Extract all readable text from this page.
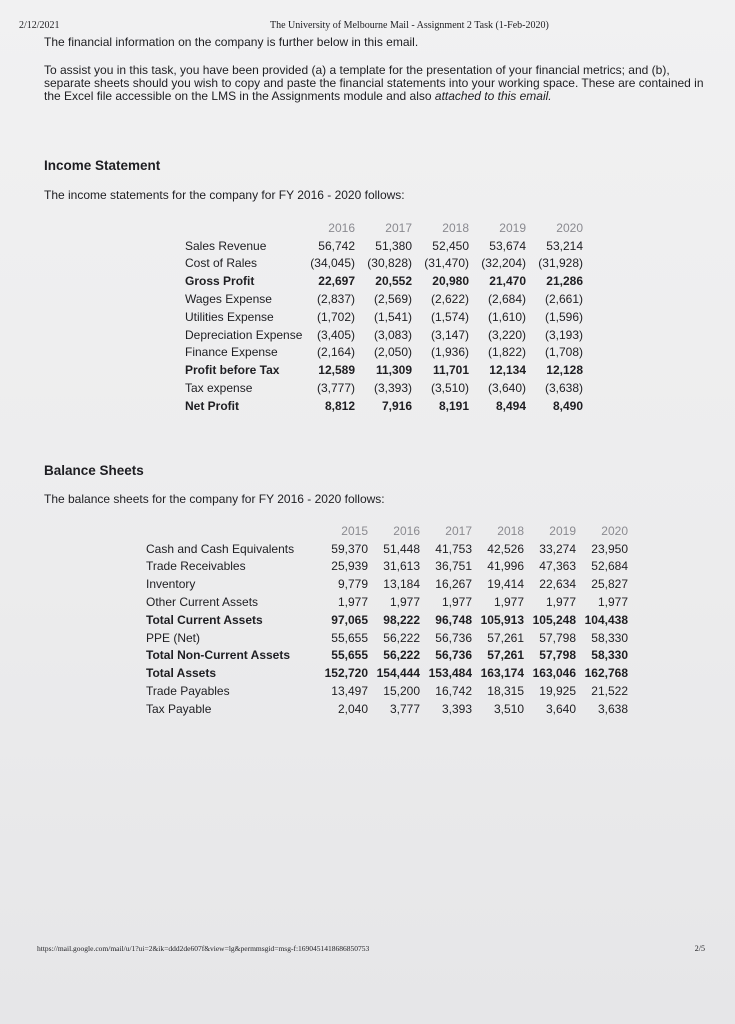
2/12/2021	The University of Melbourne Mail - Assignment 2 Task (1-Feb-2020)
The financial information on the company is further below in this email.
To assist you in this task, you have been provided (a) a template for the presentation of your financial metrics; and (b), separate sheets should you wish to copy and paste the financial statements into your working space. These are contained in the Excel file accessible on the LMS in the Assignments module and also attached to this email.
Income Statement
The income statements for the company for FY 2016 - 2020 follows:
	2016	2017	2018	2019	2020
Sales Revenue	56,742	51,380	52,450	53,674	53,214
Cost of Rales	(34,045)	(30,828)	(31,470)	(32,204)	(31,928)
Gross Profit	22,697	20,552	20,980	21,470	21,286
Wages Expense	(2,837)	(2,569)	(2,622)	(2,684)	(2,661)
Utilities Expense	(1,702)	(1,541)	(1,574)	(1,610)	(1,596)
Depreciation Expense	(3,405)	(3,083)	(3,147)	(3,220)	(3,193)
Finance Expense	(2,164)	(2,050)	(1,936)	(1,822)	(1,708)
Profit before Tax	12,589	11,309	11,701	12,134	12,128
Tax expense	(3,777)	(3,393)	(3,510)	(3,640)	(3,638)
Net Profit	8,812	7,916	8,191	8,494	8,490
Balance Sheets
The balance sheets for the company for FY 2016 - 2020 follows:
	2015	2016	2017	2018	2019	2020
Cash and Cash Equivalents	59,370	51,448	41,753	42,526	33,274	23,950
Trade Receivables	25,939	31,613	36,751	41,996	47,363	52,684
Inventory	9,779	13,184	16,267	19,414	22,634	25,827
Other Current Assets	1,977	1,977	1,977	1,977	1,977	1,977
Total Current Assets	97,065	98,222	96,748	105,913	105,248	104,438
PPE (Net)	55,655	56,222	56,736	57,261	57,798	58,330
Total Non-Current Assets	55,655	56,222	56,736	57,261	57,798	58,330
Total Assets	152,720	154,444	153,484	163,174	163,046	162,768
Trade Payables	13,497	15,200	16,742	18,315	19,925	21,522
Tax Payable	2,040	3,777	3,393	3,510	3,640	3,638
https://mail.google.com/mail/u/1?ui=2&ik=ddd2de607f&view=lg&permmsgid=msg-f:1690451418686850753	2/5
